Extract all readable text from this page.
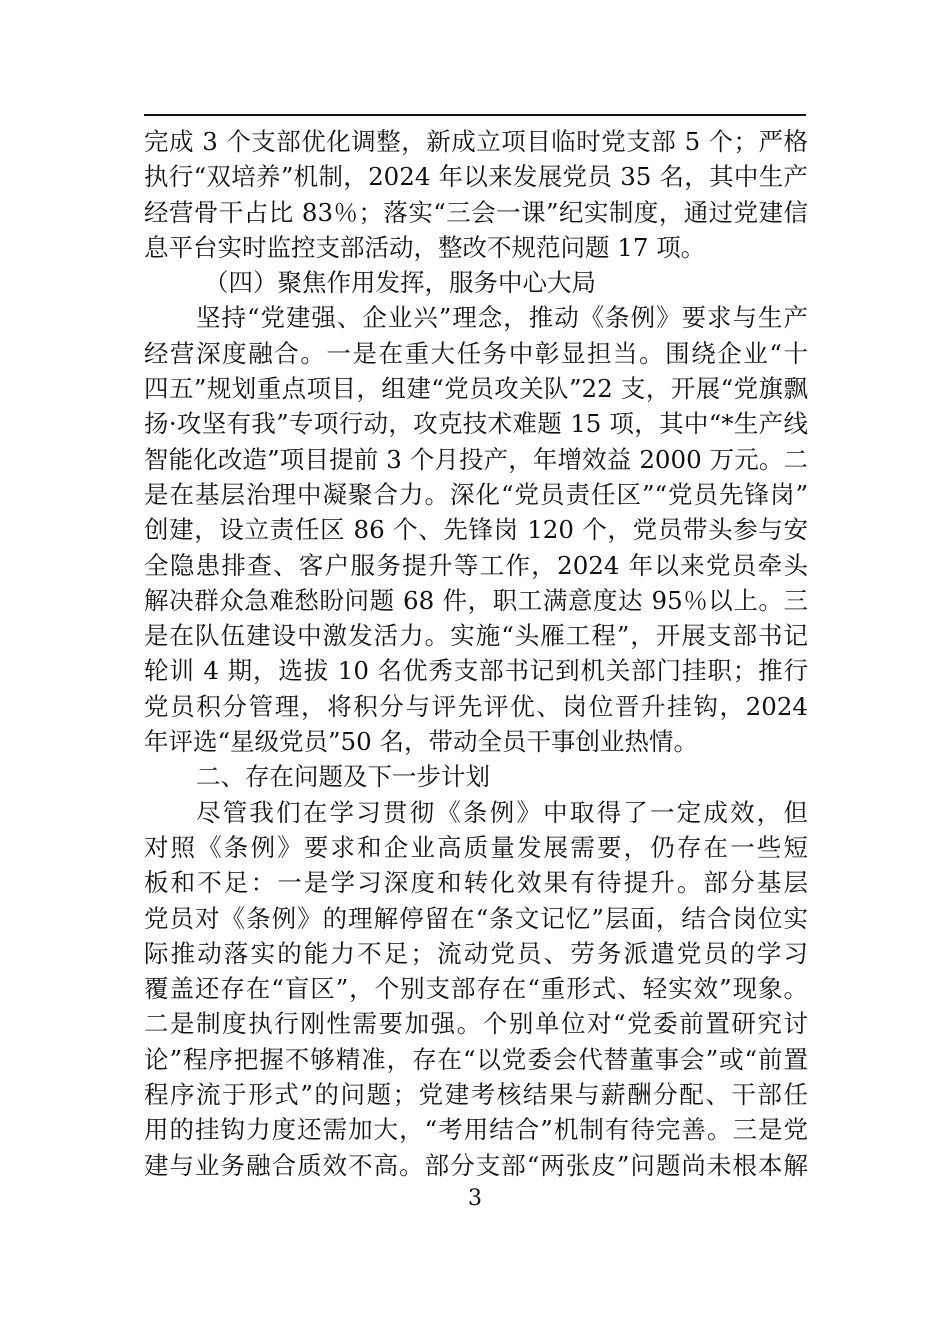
完成 3 个支部优化调整，新成立项目临时党支部 5 个；严格
执行“双培养”机制，2024 年以来发展党员 35 名，其中生产
经营骨干占比 83％；落实“三会一课”纪实制度，通过党建信
息平台实时监控支部活动，整改不规范问题 17 项。
（四）聚焦作用发挥，服务中心大局
坚持“党建强、企业兴”理念，推动《条例》要求与生产
经营深度融合。一是在重大任务中彰显担当。围绕企业“十
四五”规划重点项目，组建“党员攻关队”22 支，开展“党旗飘
扬·攻坚有我”专项行动，攻克技术难题 15 项，其中“*生产线
智能化改造”项目提前 3 个月投产，年增效益 2000 万元。二
是在基层治理中凝聚合力。深化“党员责任区”“党员先锋岗”
创建，设立责任区 86 个、先锋岗 120 个，党员带头参与安
全隐患排查、客户服务提升等工作，2024 年以来党员牵头
解决群众急难愁盼问题 68 件，职工满意度达 95％以上。三
是在队伍建设中激发活力。实施“头雁工程”，开展支部书记
轮训 4 期，选拔 10 名优秀支部书记到机关部门挂职；推行
党员积分管理，将积分与评先评优、岗位晋升挂钩，2024
年评选“星级党员”50 名，带动全员干事创业热情。
二、存在问题及下一步计划
尽管我们在学习贯彻《条例》中取得了一定成效，但
对照《条例》要求和企业高质量发展需要，仍存在一些短
板和不足：一是学习深度和转化效果有待提升。部分基层
党员对《条例》的理解停留在“条文记忆”层面，结合岗位实
际推动落实的能力不足；流动党员、劳务派遣党员的学习
覆盖还存在“盲区”，个别支部存在“重形式、轻实效”现象。
二是制度执行刚性需要加强。个别单位对“党委前置研究讨
论”程序把握不够精准，存在“以党委会代替董事会”或“前置
程序流于形式”的问题；党建考核结果与薪酬分配、干部任
用的挂钩力度还需加大，“考用结合”机制有待完善。三是党
建与业务融合质效不高。部分支部“两张皮”问题尚未根本解
3
